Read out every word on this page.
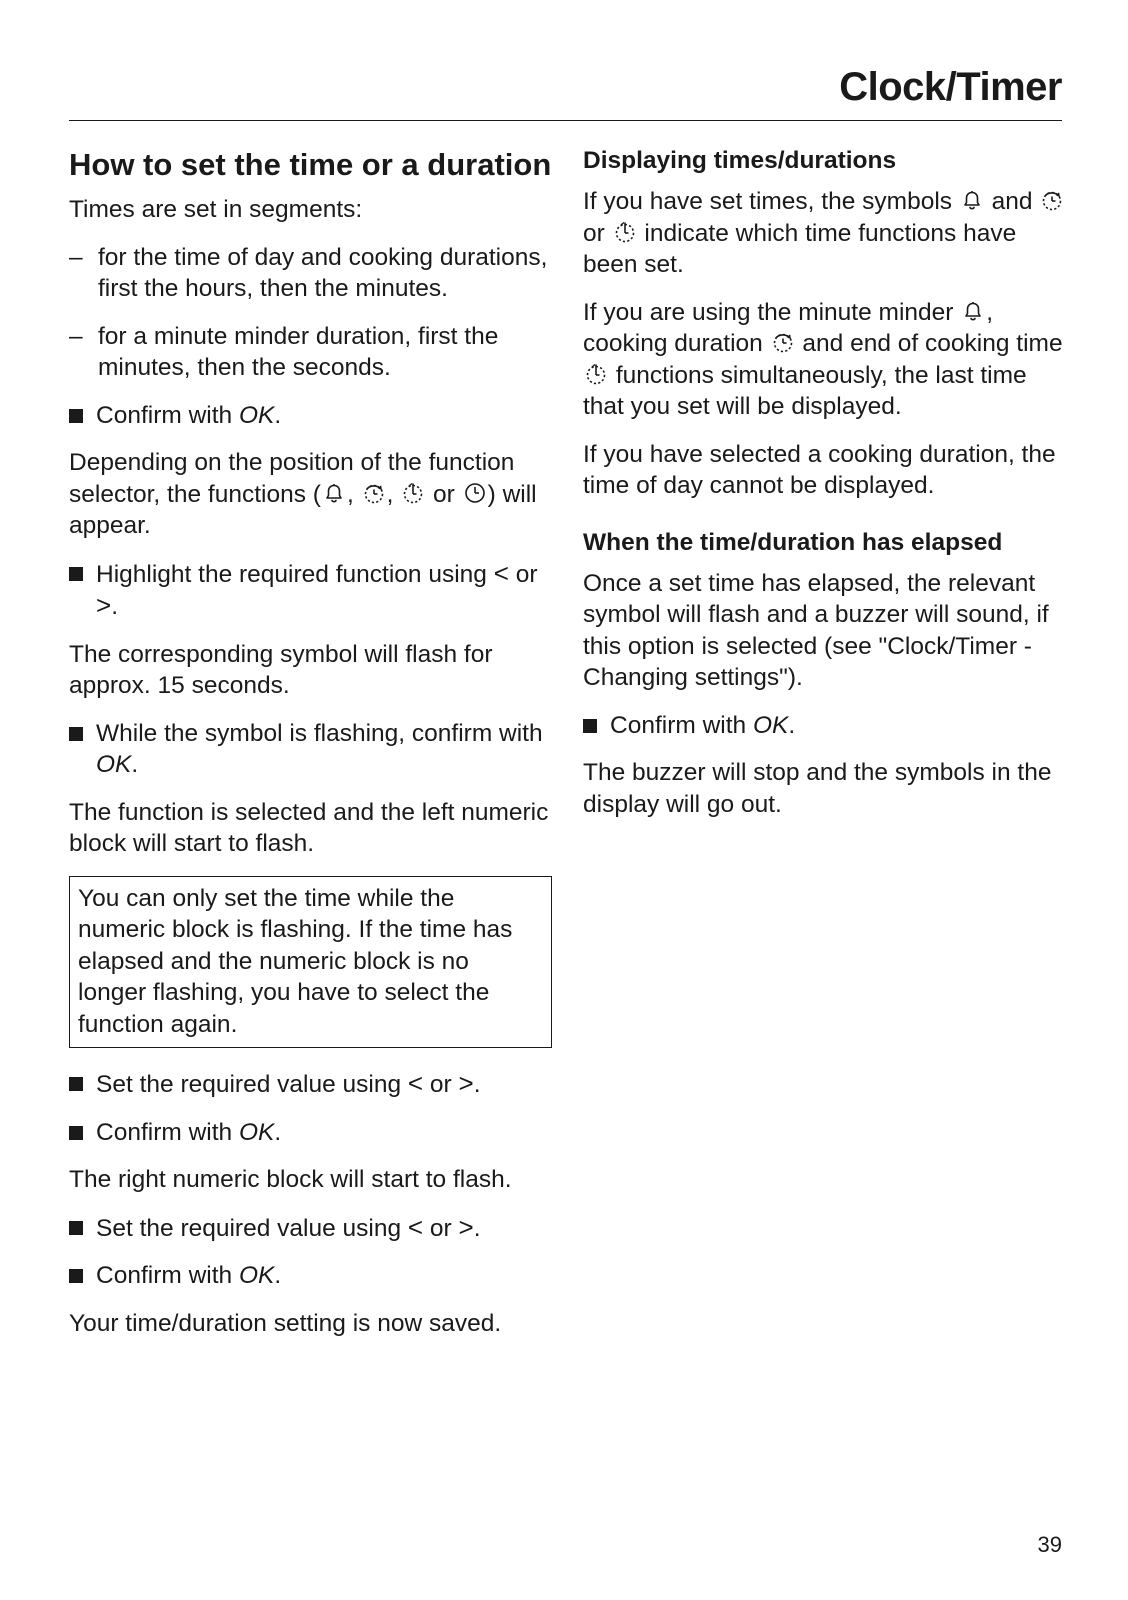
Clock/Timer
How to set the time or a duration

Times are set in segments:

– for the time of day and cooking durations, first the hours, then the minutes.

– for a minute minder duration, first the minutes, then the seconds.

Confirm with OK.

Depending on the position of the function selector, the functions ( , , or ) will appear.

Highlight the required function using < or >.

The corresponding symbol will flash for approx. 15 seconds.

While the symbol is flashing, confirm with OK.

The function is selected and the left numeric block will start to flash.

You can only set the time while the numeric block is flashing. If the time has elapsed and the numeric block is no longer flashing, you have to select the function again.

Set the required value using < or >.

Confirm with OK.

The right numeric block will start to flash.

Set the required value using < or >.

Confirm with OK.

Your time/duration setting is now saved.

Displaying times/durations

If you have set times, the symbols and
or indicate which time functions have been set.

If you are using the minute minder , cooking duration and end of cooking time
functions simultaneously, the last time that you set will be displayed.

If you have selected a cooking duration, the time of day cannot be displayed.

When the time/duration has elapsed

Once a set time has elapsed, the relevant symbol will flash and a buzzer will sound, if this option is selected (see "Clock/Timer - Changing settings").

Confirm with OK.

The buzzer will stop and the symbols in the display will go out.

39
